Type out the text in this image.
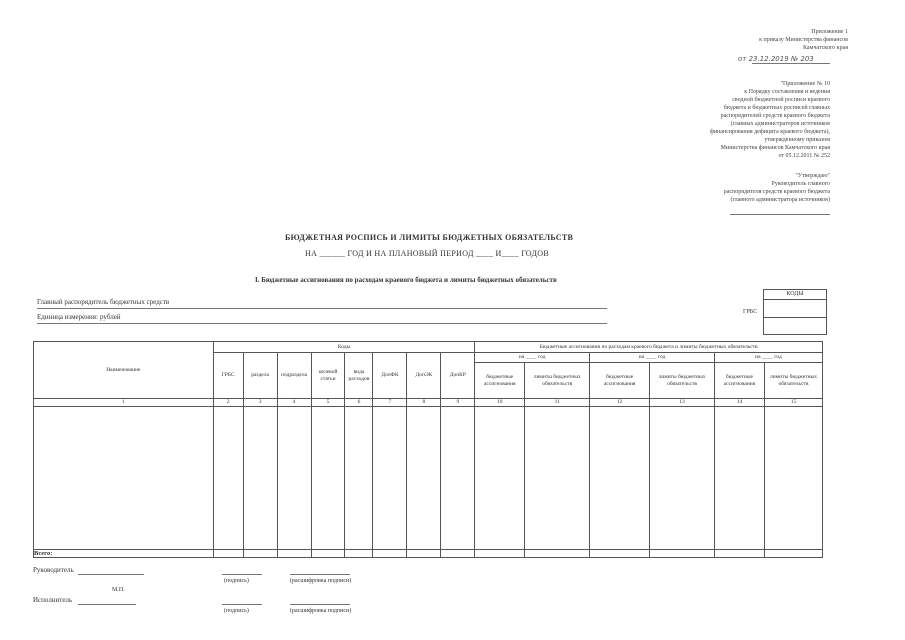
Приложение 1
к приказу Министерства финансов
Камчатского края
от 23.12.2019 № 203
"Приложение № 10
к Порядку составления и ведения
сводной бюджетной росписи краевого
бюджета и бюджетных росписей главных
распорядителей средств краевого бюджета
(главных администраторов источников
финансирования дефицита краевого бюджета),
утвержденному приказом
Министерства финансов Камчатского края
от 05.12.2011 № 252
"Утверждаю"
Руководитель главного
распорядителя средств краевого бюджета
(главного администратора источников)
БЮДЖЕТНАЯ РОСПИСЬ И ЛИМИТЫ БЮДЖЕТНЫХ ОБЯЗАТЕЛЬСТВ
НА ______ ГОД И НА ПЛАНОВЫЙ ПЕРИОД ____ И____ ГОДОВ
I. Бюджетные ассигнования по расходам краевого бюджета и лимиты бюджетных обязательств
Главный распорядитель бюджетных средств
Единица измерения: рублей
КОДЫ
ГРБС
Наименование	Коды								Бюджетные ассигнования по расходам краевого бюджета и лимиты бюджетных обязательств					
	ГРБС	раздела	подраздела	целевой статьи	вида расходов	ДопФК	ДопЭК	ДопКР	на ____ год		на ____ год		на ____ год	
									бюджетные ассигнования	лимиты бюджетных обязательств	бюджетные ассигнования	лимиты бюджетных обязательств	бюджетные ассигнования	лимиты бюджетных обязательств
1	2	3	4	5	6	7	8	9	10	11	12	13	14	15

Всего:														
Руководитель
(подпись)	(расшифровка подписи)
М.П.
Исполнитель
(подпись)	(расшифровка подписи)
